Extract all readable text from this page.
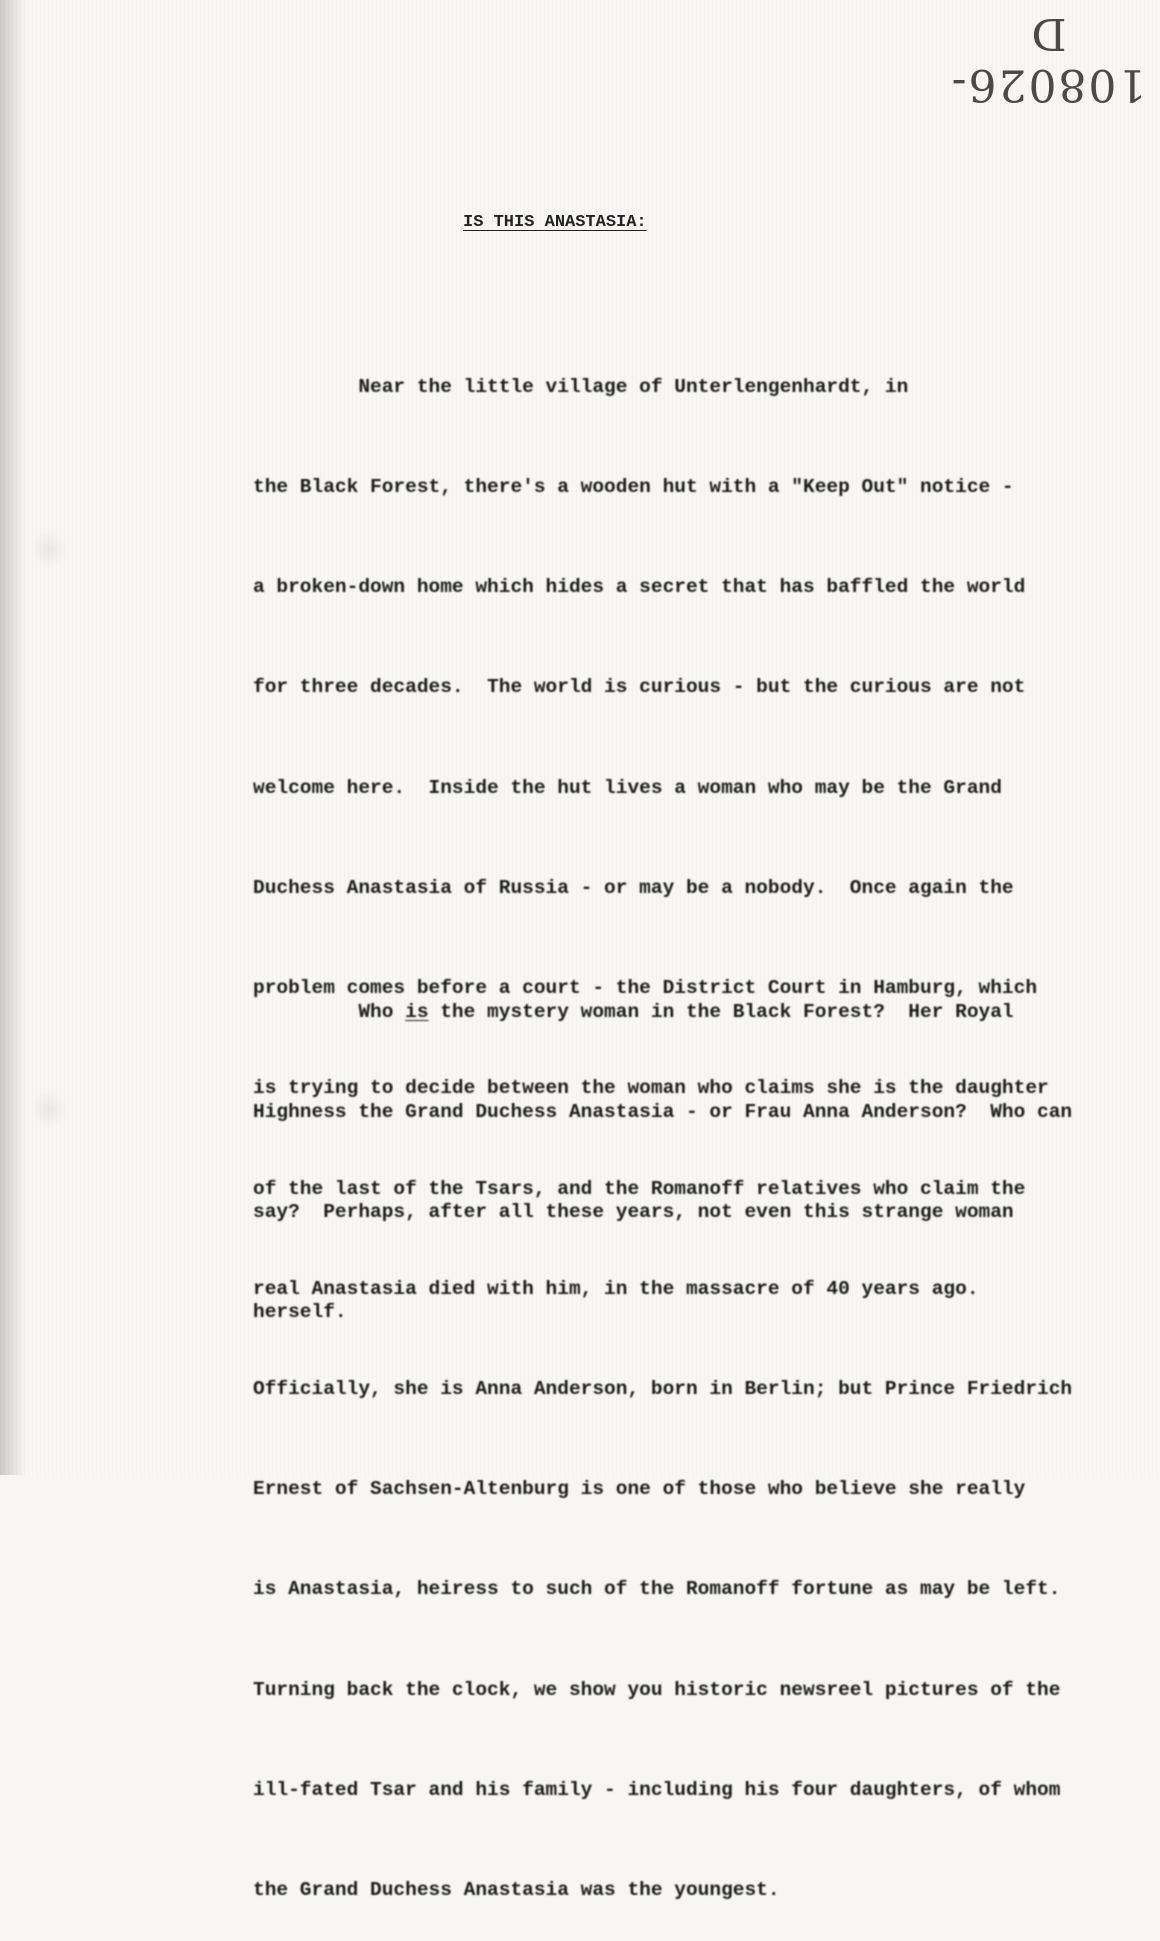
108026-D
IS THIS ANASTASIA:

Near the little village of Unterlengenhardt, in

the Black Forest, there's a wooden hut with a "Keep Out" notice -

a broken-down home which hides a secret that has baffled the world

for three decades.  The world is curious - but the curious are not

welcome here.  Inside the hut lives a woman who may be the Grand

Duchess Anastasia of Russia - or may be a nobody.  Once again the

problem comes before a court - the District Court in Hamburg, which

is trying to decide between the woman who claims she is the daughter

of the last of the Tsars, and the Romanoff relatives who claim the

real Anastasia died with him, in the massacre of 40 years ago.

Officially, she is Anna Anderson, born in Berlin; but Prince Friedrich

Ernest of Sachsen-Altenburg is one of those who believe she really

is Anastasia, heiress to such of the Romanoff fortune as may be left.

Turning back the clock, we show you historic newsreel pictures of the

ill-fated Tsar and his family - including his four daughters, of whom

the Grand Duchess Anastasia was the youngest.

Who is the mystery woman in the Black Forest?  Her Royal

Highness the Grand Duchess Anastasia - or Frau Anna Anderson?  Who can

say?  Perhaps, after all these years, not even this strange woman

herself.
